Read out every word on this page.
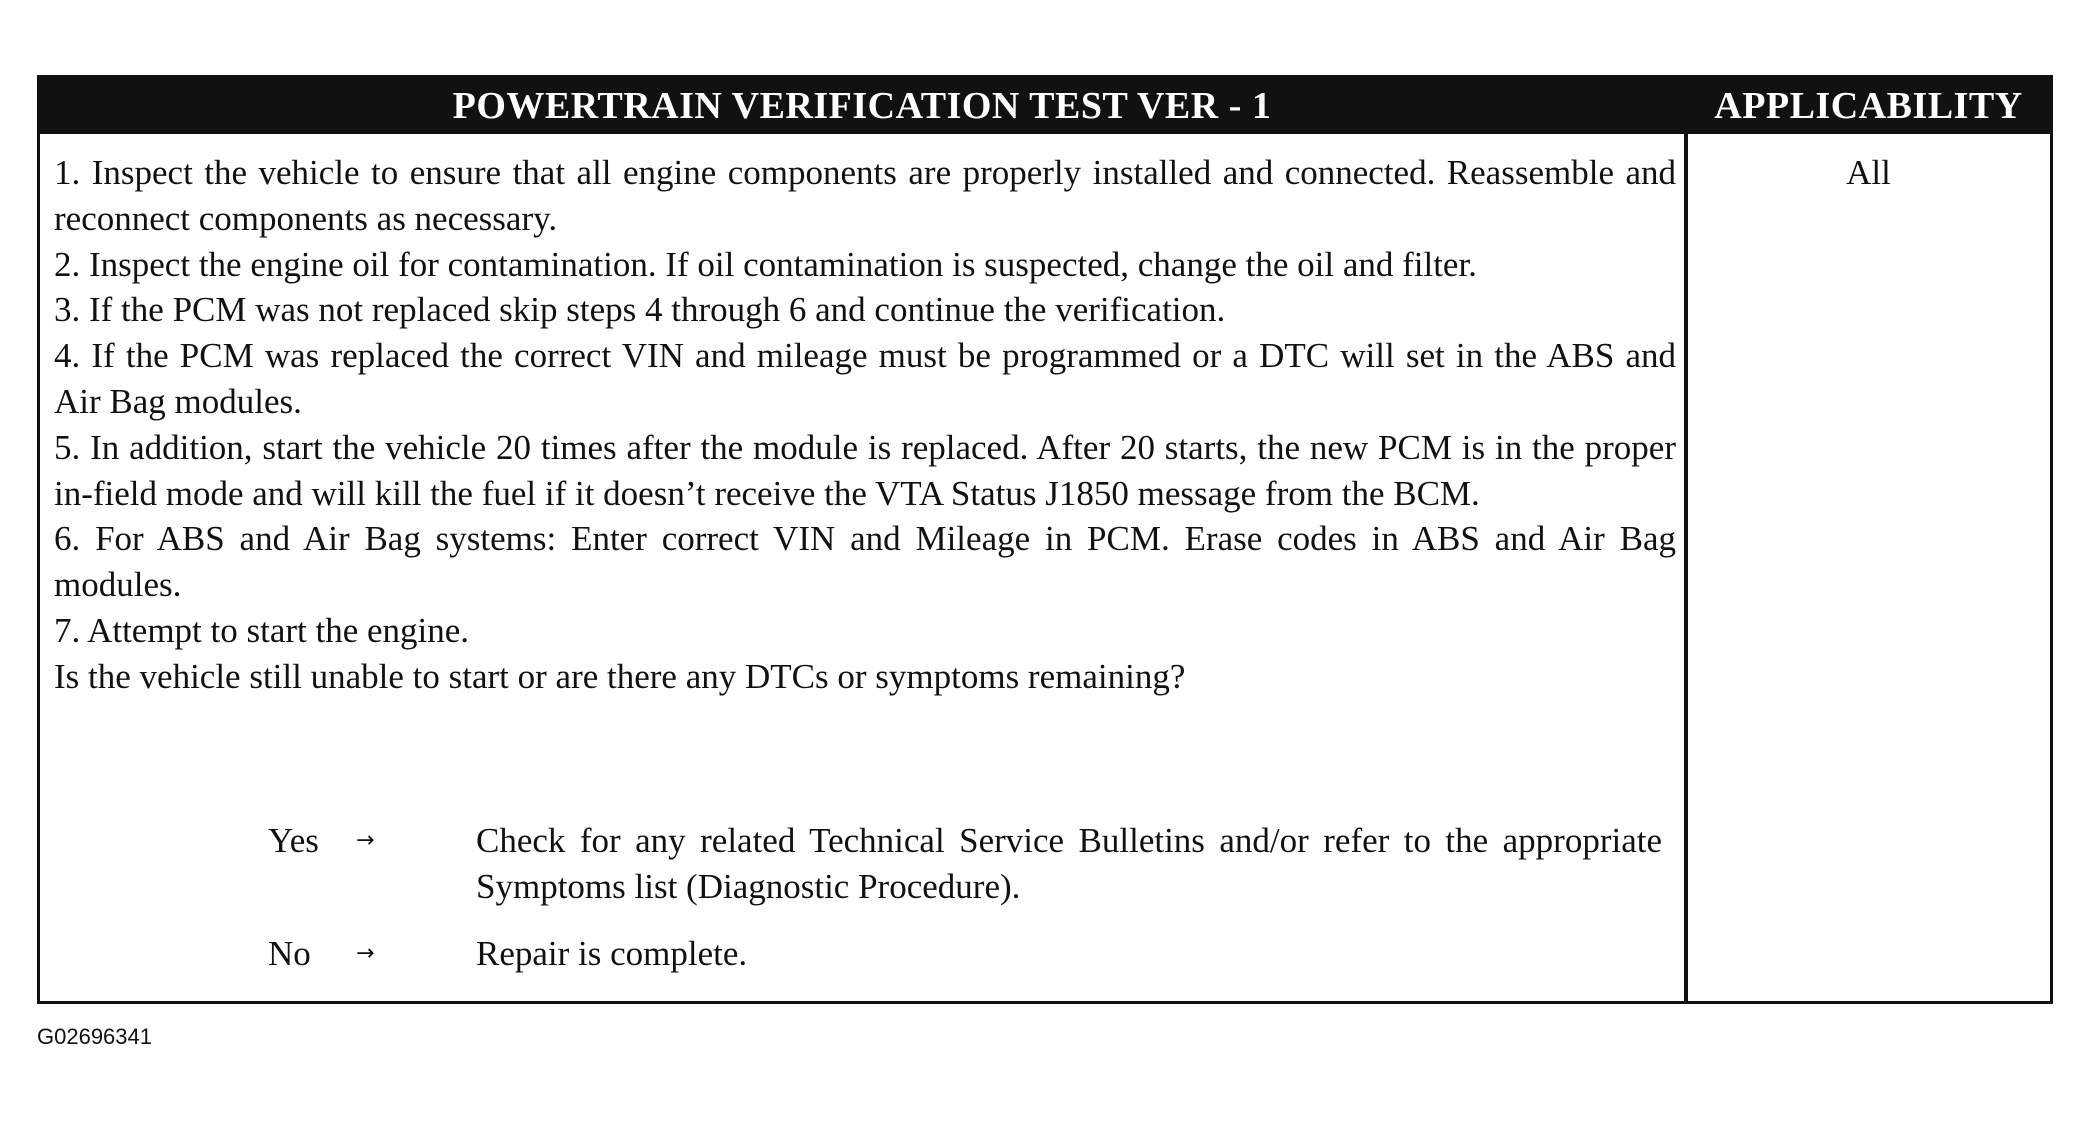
POWERTRAIN VERIFICATION TEST VER - 1	APPLICABILITY

1. Inspect the vehicle to ensure that all engine components are properly installed and connected. Reassemble and reconnect components as necessary.

2. Inspect the engine oil for contamination. If oil contamination is suspected, change the oil and filter.

3. If the PCM was not replaced skip steps 4 through 6 and continue the verification.

4. If the PCM was replaced the correct VIN and mileage must be programmed or a DTC will set in the ABS and Air Bag modules.

5. In addition, start the vehicle 20 times after the module is replaced. After 20 starts, the new PCM is in the proper in-field mode and will kill the fuel if it doesn’t receive the VTA Status J1850 message from the BCM.

6. For ABS and Air Bag systems: Enter correct VIN and Mileage in PCM. Erase codes in ABS and Air Bag modules.

7. Attempt to start the engine.

Is the vehicle still unable to start or are there any DTCs or symptoms remaining?

Yes	→	Check for any related Technical Service Bulletins and/or refer to the appropriate Symptoms list (Diagnostic Procedure).
No	→	Repair is complete.
All
G02696341
